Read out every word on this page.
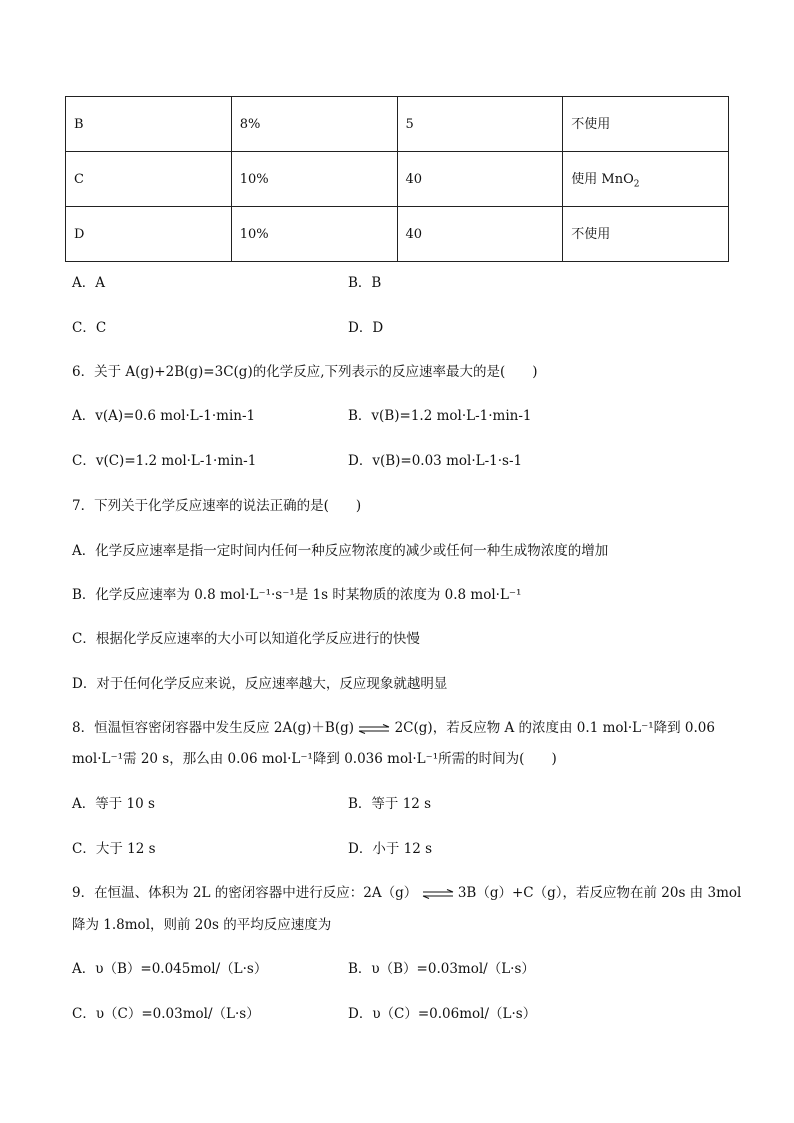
B	8%	5	不使用
C	10%	40	使用 MnO$_2$
D	10%	40	不使用
A．A	B．B
C．C	D．D
6．关于 A(g)+2B(g)=3C(g)的化学反应,下列表示的反应速率最大的是(　　)
A．v(A)=0.6 mol·L-1·min-1	B．v(B)=1.2 mol·L-1·min-1
C．v(C)=1.2 mol·L-1·min-1	D．v(B)=0.03 mol·L-1·s-1
7．下列关于化学反应速率的说法正确的是(　　)
A．化学反应速率是指一定时间内任何一种反应物浓度的减少或任何一种生成物浓度的增加
B．化学反应速率为 0.8 mol·L⁻¹·s⁻¹是 1s 时某物质的浓度为 0.8 mol·L⁻¹
C．根据化学反应速率的大小可以知道化学反应进行的快慢
D．对于任何化学反应来说，反应速率越大，反应现象就越明显
8．恒温恒容密闭容器中发生反应 2A(g)＋B(g) ⇌ 2C(g)，若反应物 A 的浓度由 0.1 mol·L⁻¹降到 0.06
mol·L⁻¹需 20 s，那么由 0.06 mol·L⁻¹降到 0.036 mol·L⁻¹所需的时间为(　　)
A．等于 10 s	B．等于 12 s
C．大于 12 s	D．小于 12 s
9．在恒温、体积为 2L 的密闭容器中进行反应：2A（g） ⇌ 3B（g）+C（g），若反应物在前 20s 由 3mol
降为 1.8mol，则前 20s 的平均反应速度为
A．υ（B）=0.045mol/（L·s）	B．υ（B）=0.03mol/（L·s）
C．υ（C）=0.03mol/（L·s）	D．υ（C）=0.06mol/（L·s）
